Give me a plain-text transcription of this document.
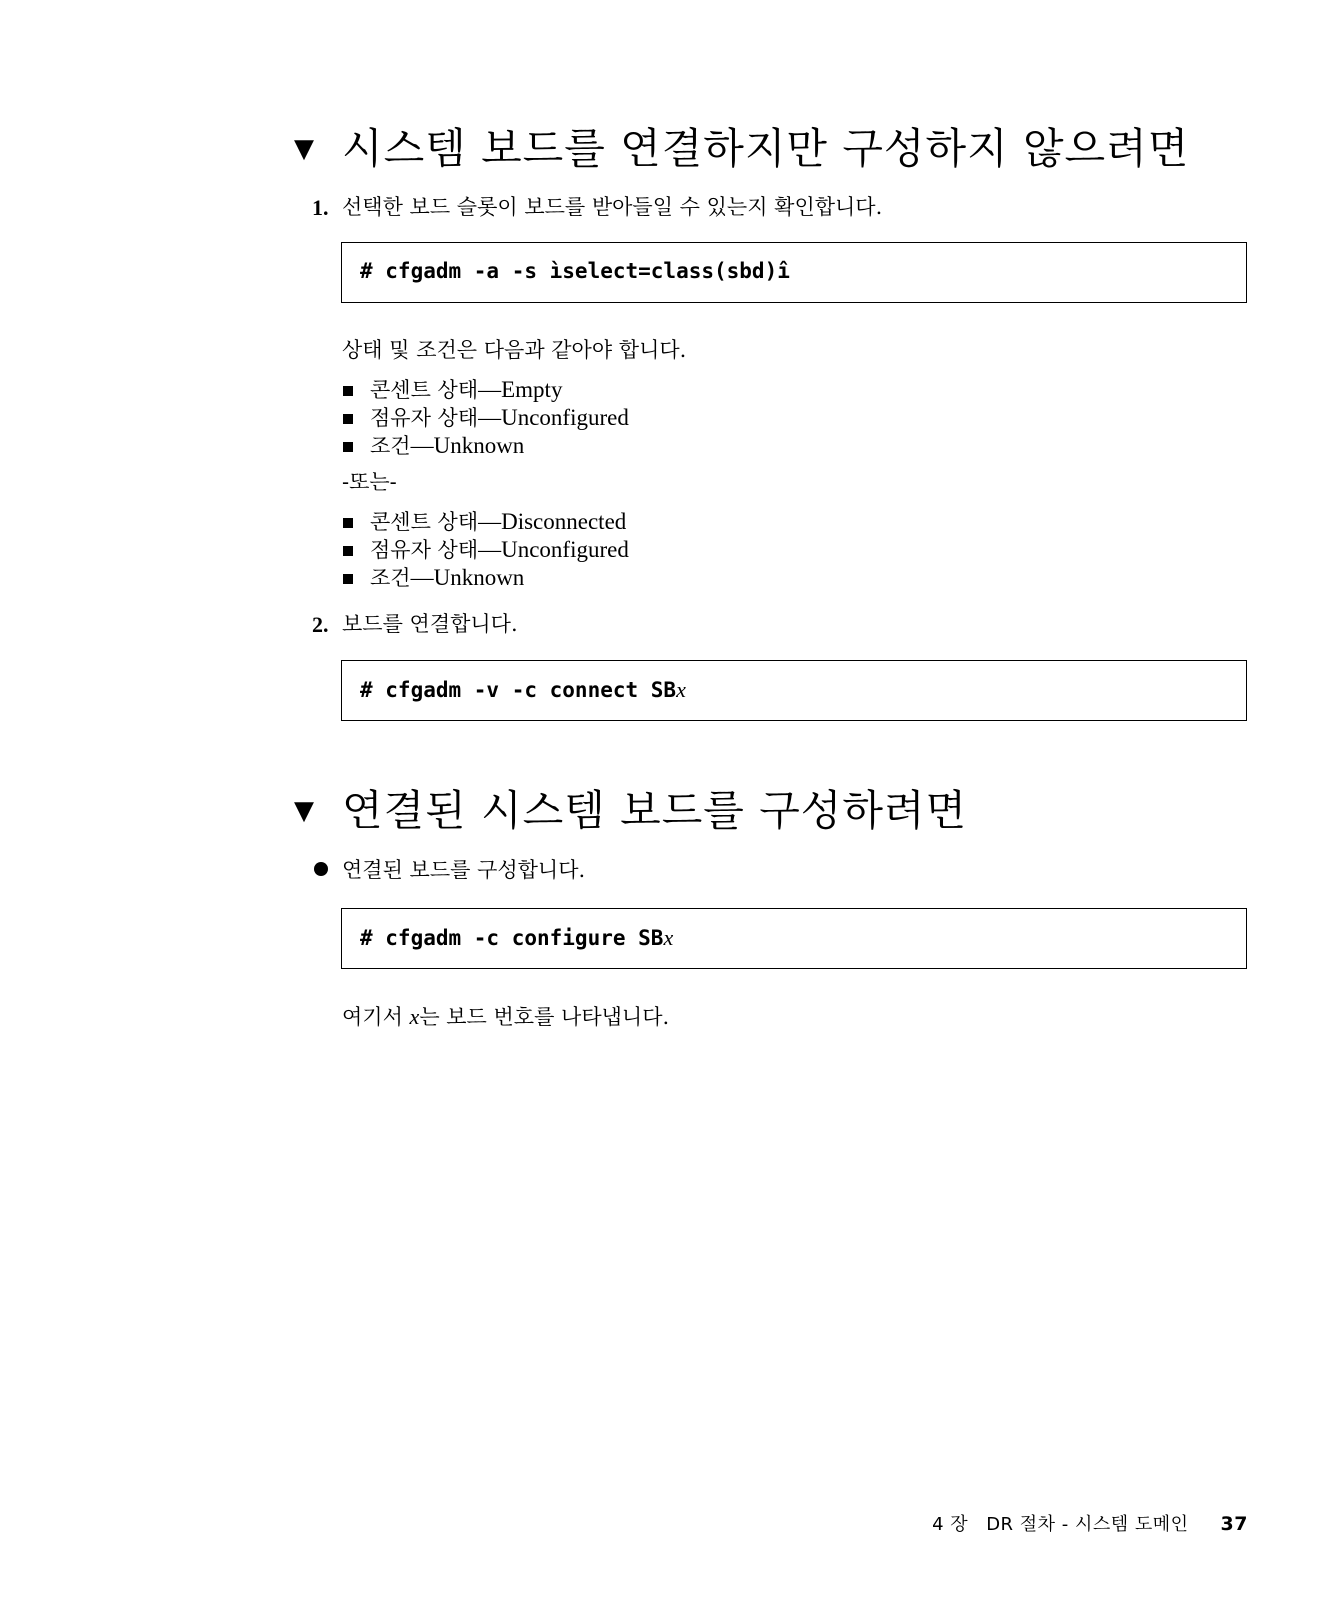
▼ 시스템 보드를 연결하지만 구성하지 않으려면
1. 선택한 보드 슬롯이 보드를 받아들일 수 있는지 확인합니다.
# cfgadm -a -s ìselect=class(sbd)î
상태 및 조건은 다음과 같아야 합니다.
콘센트 상태—Empty
점유자 상태—Unconfigured
조건—Unknown
-또는-
콘센트 상태—Disconnected
점유자 상태—Unconfigured
조건—Unknown
2. 보드를 연결합니다.
# cfgadm -v -c connect SBx
▼ 연결된 시스템 보드를 구성하려면
연결된 보드를 구성합니다.
# cfgadm -c configure SBx
여기서 x는 보드 번호를 나타냅니다.
4 장 DR 절차 - 시스템 도메인 37
